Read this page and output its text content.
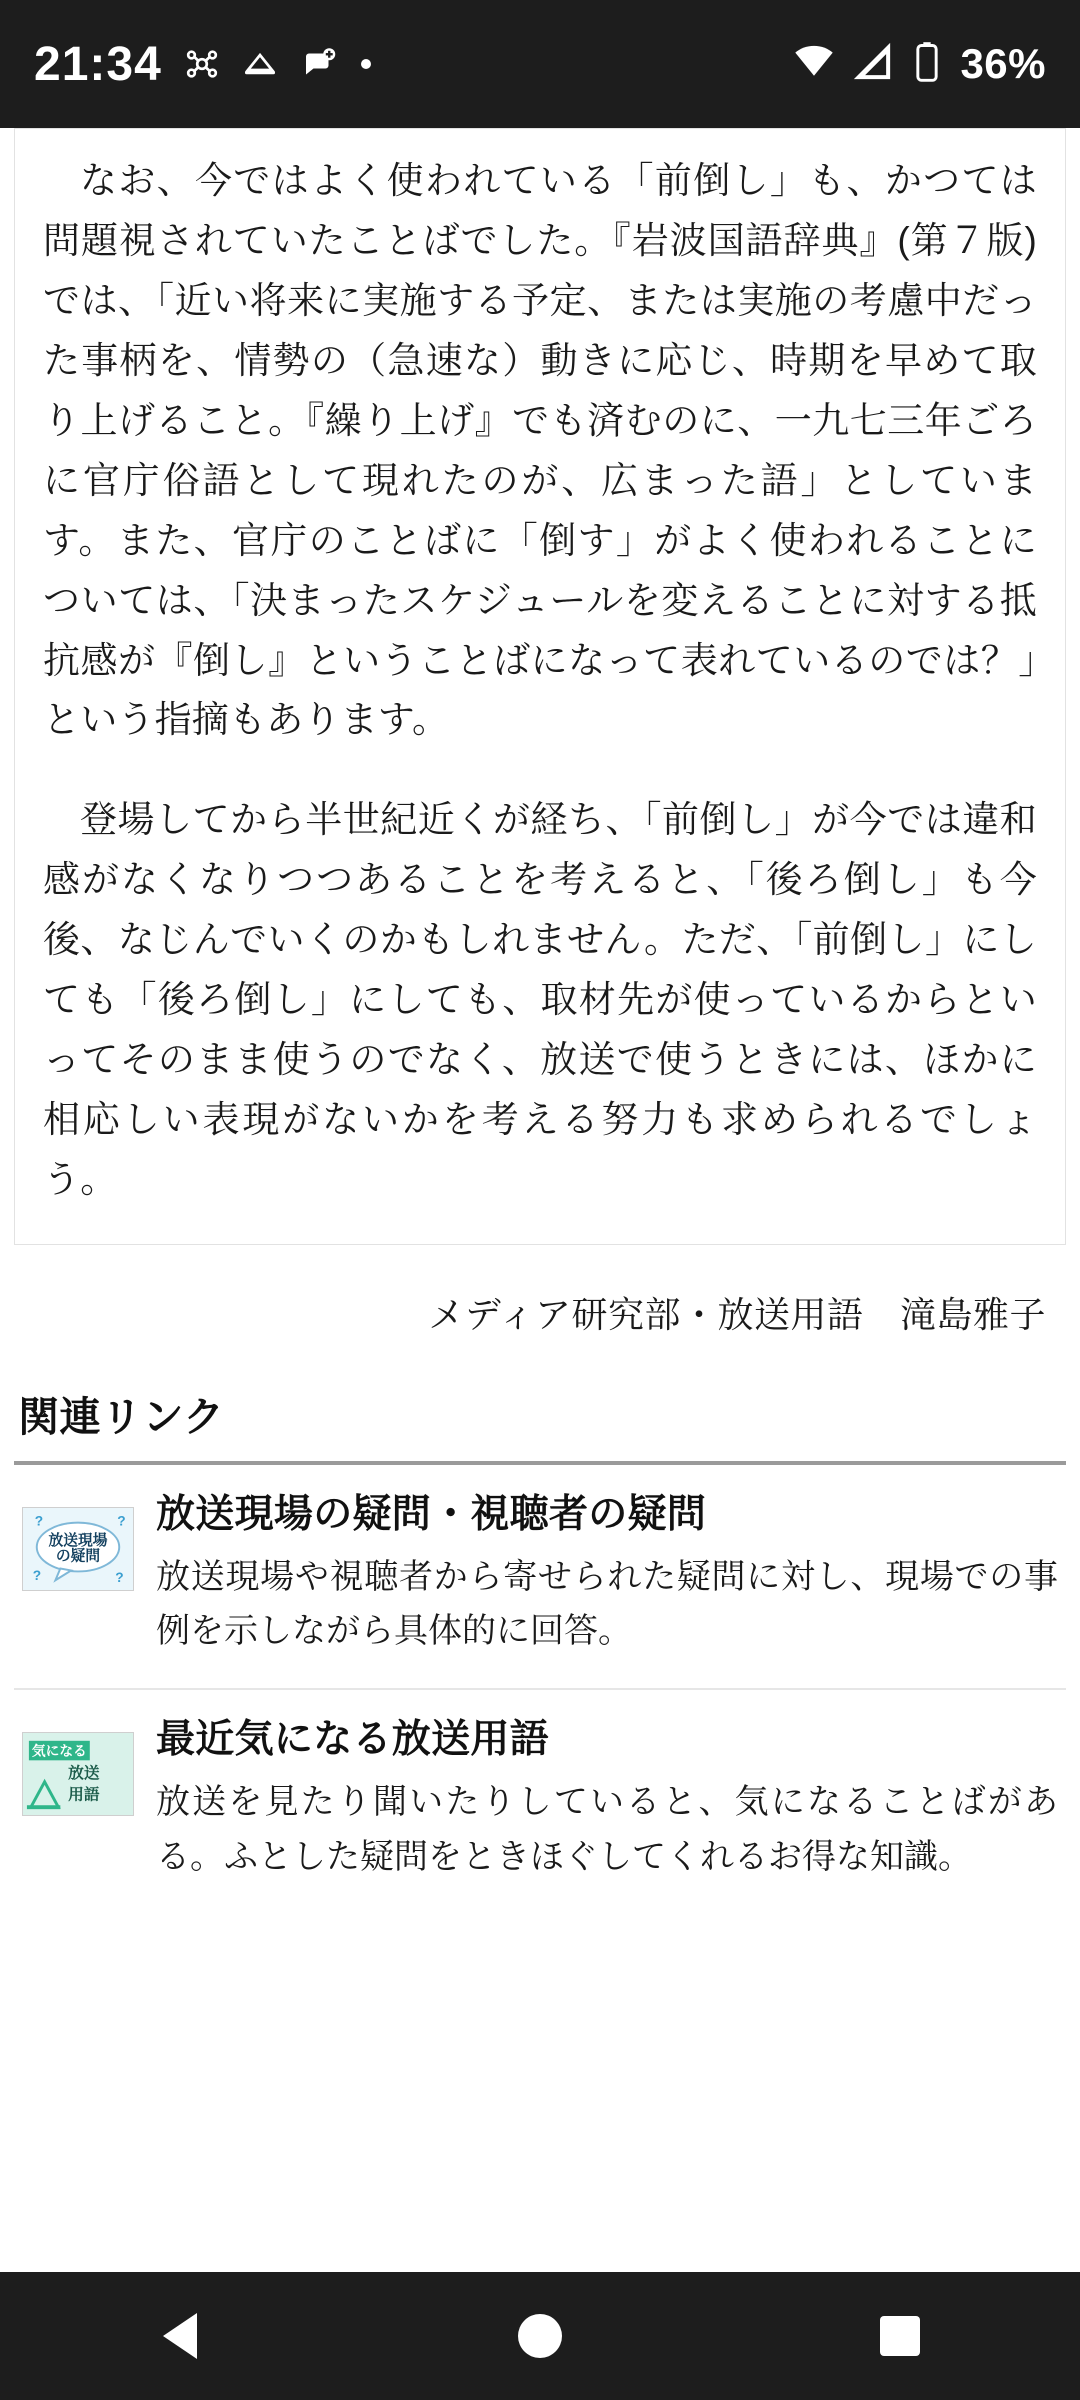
21:34	36%

なお、今ではよく使われている「前倒し」も、かつては問題視されていたことばでした。『岩波国語辞典』(第７版)では、「近い将来に実施する予定、または実施の考慮中だった事柄を、情勢の（急速な）動きに応じ、時期を早めて取り上げること。『繰り上げ』でも済むのに、一九七三年ごろに官庁俗語として現れたのが、広まった語」としています。また、官庁のことばに「倒す」がよく使われることについては、「決まったスケジュールを変えることに対する抵抗感が『倒し』ということばになって表れているのでは？」という指摘もあります。

登場してから半世紀近くが経ち、「前倒し」が今では違和感がなくなりつつあることを考えると、「後ろ倒し」も今後、なじんでいくのかもしれません。ただ、「前倒し」にしても「後ろ倒し」にしても、取材先が使っているからといってそのまま使うのでなく、放送で使うときには、ほかに相応しい表現がないかを考える努力も求められるでしょう。

メディア研究部・放送用語　滝島雅子
関連リンク
放送現場
の疑問
?	?
?	?
放送現場の疑問・視聴者の疑問
放送現場や視聴者から寄せられた疑問に対し、現場での事例を示しながら具体的に回答。
気になる
放送
用語
最近気になる放送用語
放送を見たり聞いたりしていると、気になることばがある。ふとした疑問をときほぐしてくれるお得な知識。
